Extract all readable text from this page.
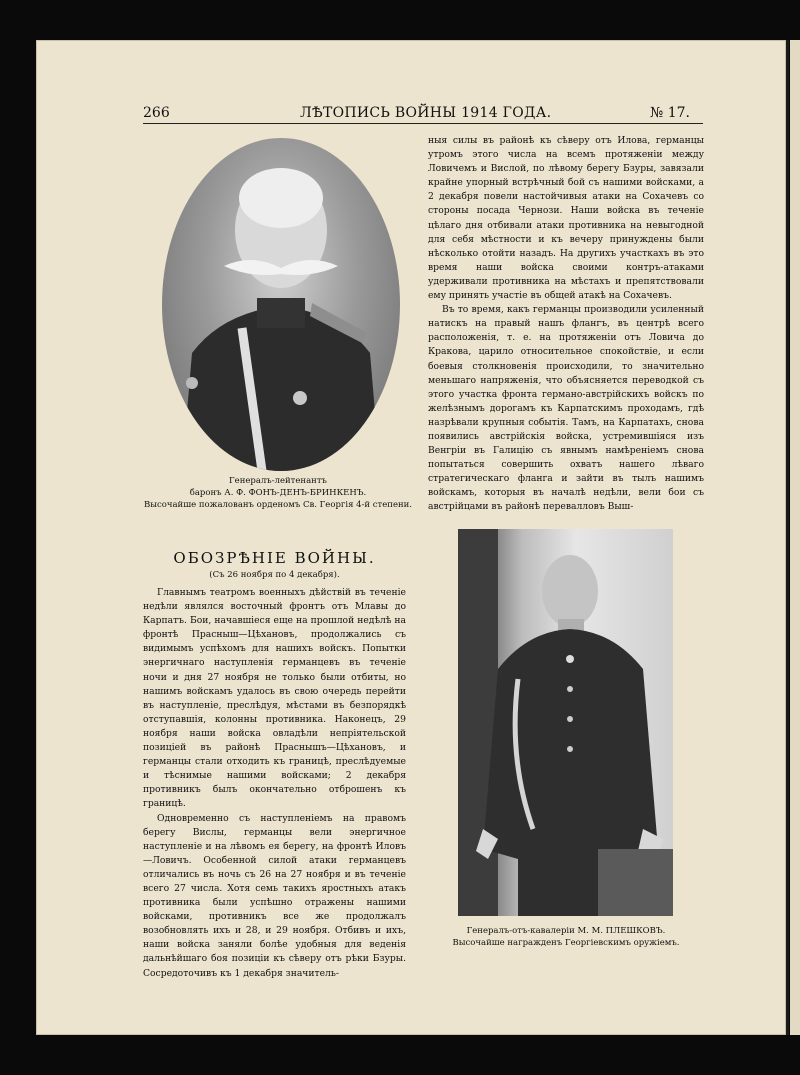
266	ЛѢТОПИСЬ ВОЙНЫ 1914 ГОДА.	№ 17.
Генералъ-лейтенантъ
баронъ А. Ф. ФОНЪ-ДЕНЪ-БРИНКЕНЪ.
Высочайше пожалованъ орденомъ Св. Георгія 4-й степени.
Генералъ-отъ-кавалеріи М. М. ПЛЕШКОВЪ.
Высочайше награжденъ Георгіевскимъ оружіемъ.
ОБОЗРѢНІЕ ВОЙНЫ.
(Съ 26 ноября по 4 декабря).

Главнымъ театромъ военныхъ дѣйствій въ теченіе недѣли являлся восточный фронтъ отъ Млавы до Карпатъ. Бои, начавшіеся еще на прошлой недѣлѣ на фронтѣ Прасныш—Цѣхановъ, продолжались съ видимымъ успѣхомъ для нашихъ войскъ. Попытки энергичнаго наступленія германцевъ въ теченіе ночи и дня 27 ноября не только были отбиты, но нашимъ войскамъ удалось въ свою очередь перейти въ наступленіе, преслѣдуя, мѣстами въ безпорядкѣ отступавшія, колонны противника. Наконецъ, 29 ноября наши войска овладѣли непріятельской позиціей въ районѣ Праснышъ—Цѣхановъ, и германцы стали отходить къ границѣ, преслѣдуемые и тѣснимые нашими войсками; 2 декабря противникъ былъ окончательно отброшенъ къ границѣ.

Одновременно съ наступленіемъ на правомъ берегу Вислы, германцы вели энергичное наступленіе и на лѣвомъ ея берегу, на фронтѣ Иловъ—Ловичъ. Особенной силой атаки германцевъ отличались въ ночь съ 26 на 27 ноября и въ теченіе всего 27 числа. Хотя семь такихъ яростныхъ атакъ противника были успѣшно отражены нашими войсками, противникъ все же продолжалъ возобновлять ихъ и 28, и 29 ноября. Отбивъ и ихъ, наши войска заняли болѣе удобныя для веденія дальнѣйшаго боя позиціи къ сѣверу отъ рѣки Бзуры. Сосредоточивъ къ 1 декабря значитель-

ныя силы въ районѣ къ сѣверу отъ Илова, германцы утромъ этого числа на всемъ протяженіи между Ловичемъ и Вислой, по лѣвому берегу Бзуры, завязали крайне упорный встрѣчный бой съ нашими войсками, а 2 декабря повели настойчивыя атаки на Сохачевъ со стороны посада Чернози. Наши войска въ теченіе цѣлаго дня отбивали атаки противника на невыгодной для себя мѣстности и къ вечеру принуждены были нѣсколько отойти назадъ. На другихъ участкахъ въ это время наши войска своими контръ-атаками удерживали противника на мѣстахъ и препятствовали ему принять участіе въ общей атакѣ на Сохачевъ.

Въ то время, какъ германцы производили усиленный натискъ на правый нашъ флангъ, въ центрѣ всего расположенія, т. е. на протяженіи отъ Ловича до Кракова, царило относительное спокойствіе, и если боевыя столкновенія происходили, то значительно меньшаго напряженія, что объясняется переводкой съ этого участка фронта германо-австрійскихъ войскъ по желѣзнымъ дорогамъ къ Карпатскимъ проходамъ, гдѣ назрѣвали крупныя событія. Тамъ, на Карпатахъ, снова появились австрійскія войска, устремившіяся изъ Венгріи въ Галицію съ явнымъ намѣреніемъ снова попытаться совершить охватъ нашего лѣваго стратегическаго фланга и зайти въ тылъ нашимъ войскамъ, которыя въ началѣ недѣли, вели бои съ австрійцами въ районѣ перевалловъ Выш-
